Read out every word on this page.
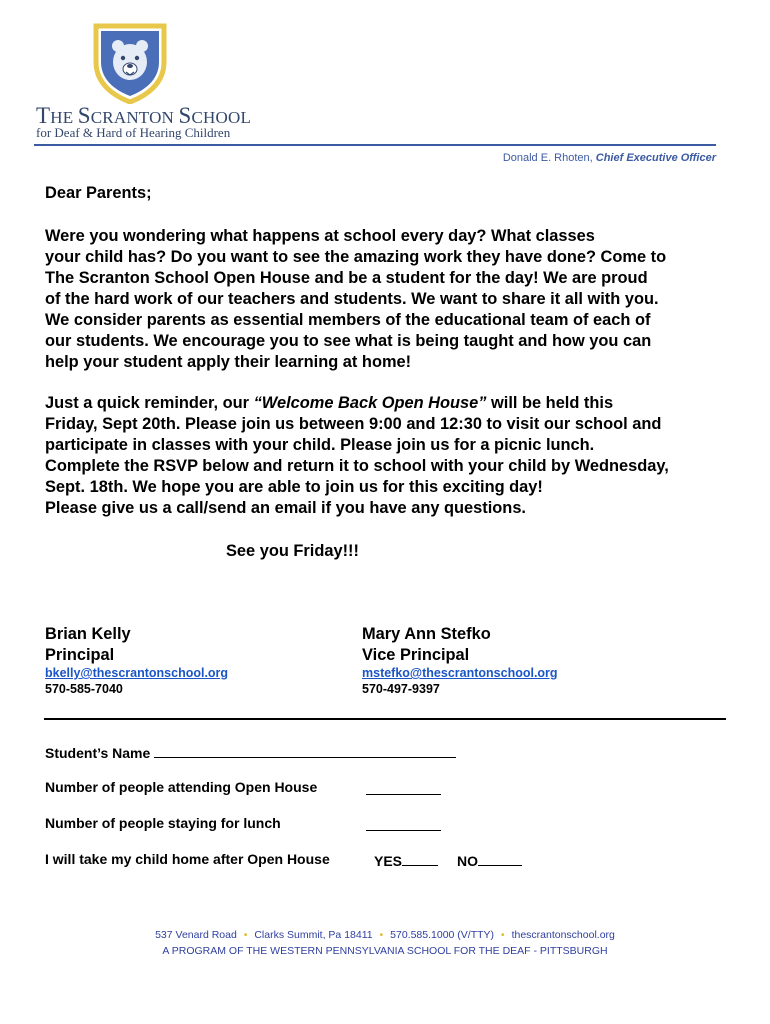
THE SCRANTON SCHOOL
for Deaf & Hard of Hearing Children
Donald E. Rhoten, Chief Executive Officer
Dear Parents;
Were you wondering what happens at school every day? What classes
your child has? Do you want to see the amazing work they have done? Come to
The Scranton School Open House and be a student for the day! We are proud
of the hard work of our teachers and students. We want to share it all with you.
We consider parents as essential members of the educational team of each of
our students. We encourage you to see what is being taught and how you can
help your student apply their learning at home!
Just a quick reminder, our “Welcome Back Open House” will be held this
Friday, Sept 20th. Please join us between 9:00 and 12:30 to visit our school and
participate in classes with your child. Please join us for a picnic lunch.
Complete the RSVP below and return it to school with your child by Wednesday,
Sept. 18th. We hope you are able to join us for this exciting day!
Please give us a call/send an email if you have any questions.
See you Friday!!!
Brian Kelly
Principal
bkelly@thescrantonschool.org
570-585-7040
Mary Ann Stefko
Vice Principal
mstefko@thescrantonschool.org
570-497-9397
Student’s Name
Number of people attending Open House
Number of people staying for lunch
I will take my child home after Open House	YES	NO
537 Venard Road • Clarks Summit, Pa 18411 • 570.585.1000 (V/TTY) • thescrantonschool.org
A PROGRAM OF THE WESTERN PENNSYLVANIA SCHOOL FOR THE DEAF - PITTSBURGH
